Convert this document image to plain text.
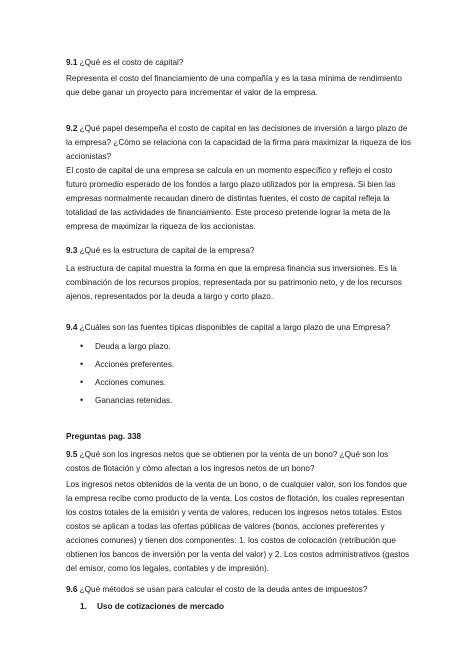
9.1 ¿Qué es el costo de capital?
Representa el costo del financiamiento de una compañía y es la tasa mínima de rendimiento que debe ganar un proyecto para incrementar el valor de la empresa.
9.2 ¿Qué papel desempeña el costo de capital en las decisiones de inversión a largo plazo de la empresa? ¿Cómo se relaciona con la capacidad de la firma para maximizar la riqueza de los accionistas?
El costo de capital de una empresa se calcula en un momento específico y reflejo el costo futuro promedio esperado de los fondos a largo plazo utilizados por la empresa. Si bien las empresas normalmente recaudan dinero de distintas fuentes, el costo de capital refleja la totalidad de las actividades de financiamiento. Este proceso pretende lograr la meta de la empresa de maximizar la riqueza de los accionistas.
9.3 ¿Qué es la estructura de capital de la empresa?
La estructura de capital muestra la forma en que la empresa financia sus inversiones. Es la combinación de los recursos propios, representada por su patrimonio neto, y de los recursos ajenos, representados por la deuda a largo y corto plazo.
9.4 ¿Cuáles son las fuentes típicas disponibles de capital a largo plazo de una Empresa?
• Deuda a largo plazo.
• Acciones preferentes.
• Acciones comunes.
• Ganancias retenidas.
Preguntas pag. 338
9.5 ¿Qué son los ingresos netos que se obtienen por la venta de un bono? ¿Qué son los costos de flotación y cómo afectan a los ingresos netos de un bono?
Los ingresos netos obtenidos de la venta de un bono, o de cualquier valor, son los fondos que la empresa recibe como producto de la venta. Los costos de flotación, los cuales representan los costos totales de la emisión y venta de valores, reducen los ingresos netos totales. Estos costos se aplican a todas las ofertas públicas de valores (bonos, acciones preferentes y acciones comunes) y tienen dos componentes: 1. los costos de colocación (retribución que obtienen los bancos de inversión por la venta del valor) y 2. Los costos administrativos (gastos del emisor, como los legales, contables y de impresión).
9.6 ¿Qué métodos se usan para calcular el costo de la deuda antes de impuestos?
1. Uso de cotizaciones de mercado
